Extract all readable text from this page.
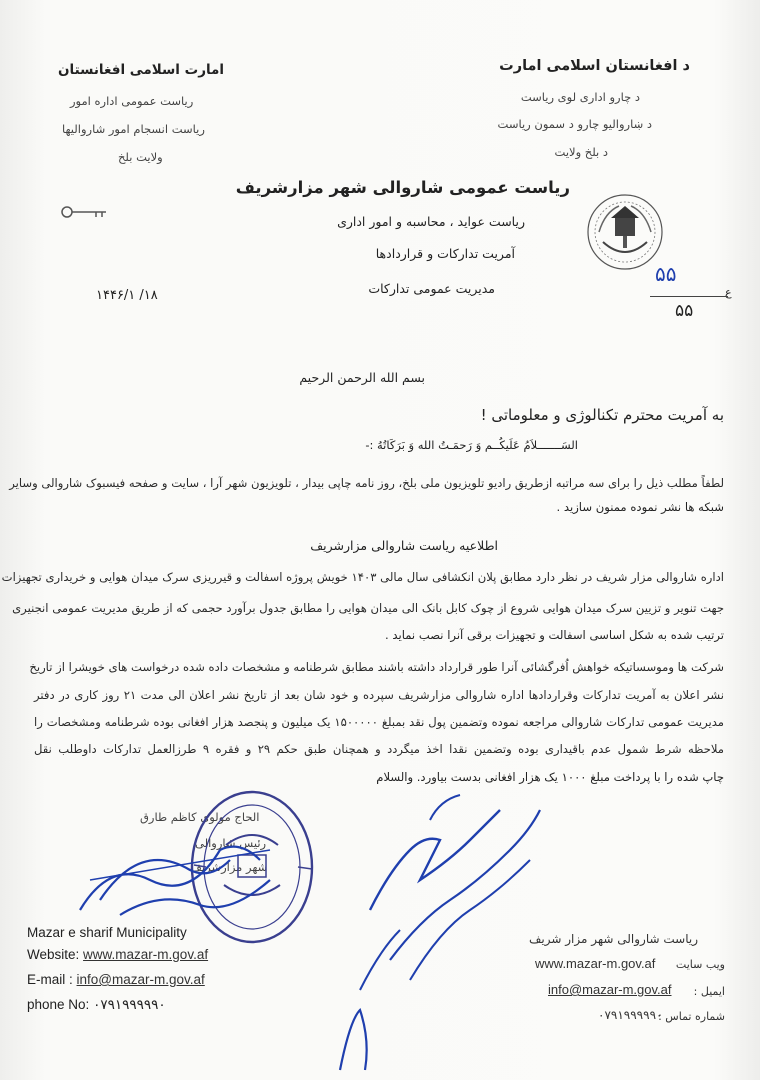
د افغانستان اسلامی امارت
د چارو اداری لوی ریاست
د ښاروالیو چارو د سمون ریاست
د بلخ ولایت
امارت اسلامی افغانستان
ریاست عمومی اداره امور
ریاست انسجام امور شاروالیها
ولایت بلخ
ریاست عمومی شاروالی شهر مزارشریف
ریاست عواید ، محاسبه و امور اداری
آمریت تدارکات و قراردادها
مدیریت عمومی تدارکات
۱۴۴۶/۱ /۱۸
۵۵
ع
۵۵
بسم الله الرحمن الرحیم
به آمریت محترم تکنالوژی و معلوماتی !
السَـــــــلاَمُ عَلَيكُــم وَ رَحمَـتُ الله وَ بَرَكَاتُهُ :-
لطفاً مطلب ذیل را برای سه مراتبه ازطریق رادیو تلویزیون ملی بلخ، روز نامه چاپی بیدار ، تلویزیون شهر آرا ، سایت و صفحه فیسبوک شاروالی وسایر
شبکه ها نشر نموده ممنون سازید .
اطلاعیه ریاست شاروالی مزارشریف
اداره شاروالی مزار شریف در نظر دارد مطابق پلان انکشافی سال مالی ۱۴۰۳ خویش پروژه اسفالت و قیرریزی سرک میدان هوایی و خریداری تجهیزات
جهت تنویر و تزیین سرک میدان هوایی شروع از چوک کابل بانک الی میدان هوایی را مطابق جدول برآورد حجمی که از طریق مدیریت عمومی انجنیری
ترتیب شده به شکل اساسی اسفالت و تجهیزات برقی آنرا نصب نماید .
شرکت ها وموسساتیکه خواهش اُفرگشائی آنرا طور قرارداد داشته باشند مطابق شرطنامه و مشخصات داده شده درخواست های خویشرا از تاریخ
نشر اعلان به آمریت تدارکات وقراردادها اداره شاروالی مزارشریف سپرده و خود شان بعد از تاریخ نشر اعلان الی مدت ۲۱ روز کاری در دفتر
مدیریت عمومی تدارکات شاروالی مراجعه نموده وتضمین پول نقد بمبلغ ۱۵۰۰۰۰۰ یک میلیون و پنجصد هزار افغانی بوده شرطنامه ومشخصات را
ملاحظه شرط شمول عدم باقیداری بوده وتضمین نقدا اخذ میگردد و همچنان طبق حکم ۲۹ و فقره ۹ طرزالعمل تدارکات داوطلب نقل
چاپ شده را با پرداخت مبلغ ۱۰۰۰ یک هزار افغانی بدست بیاورد. والسلام
الحاج مولوی کاظم طارق
رئیس شاروالی
شهر مزارشریف
Mazar e sharif Municipality
Website: www.mazar-m.gov.af
E-mail : info@mazar-m.gov.af
phone No: ۰۷۹۱۹۹۹۹۹۰
ریاست شاروالی شهر مزار شریف
www.mazar-m.gov.af ویب سایت
info@mazar-m.gov.af ایمیل :
۰۷۹۱۹۹۹۹۹۰
شماره تماس :
